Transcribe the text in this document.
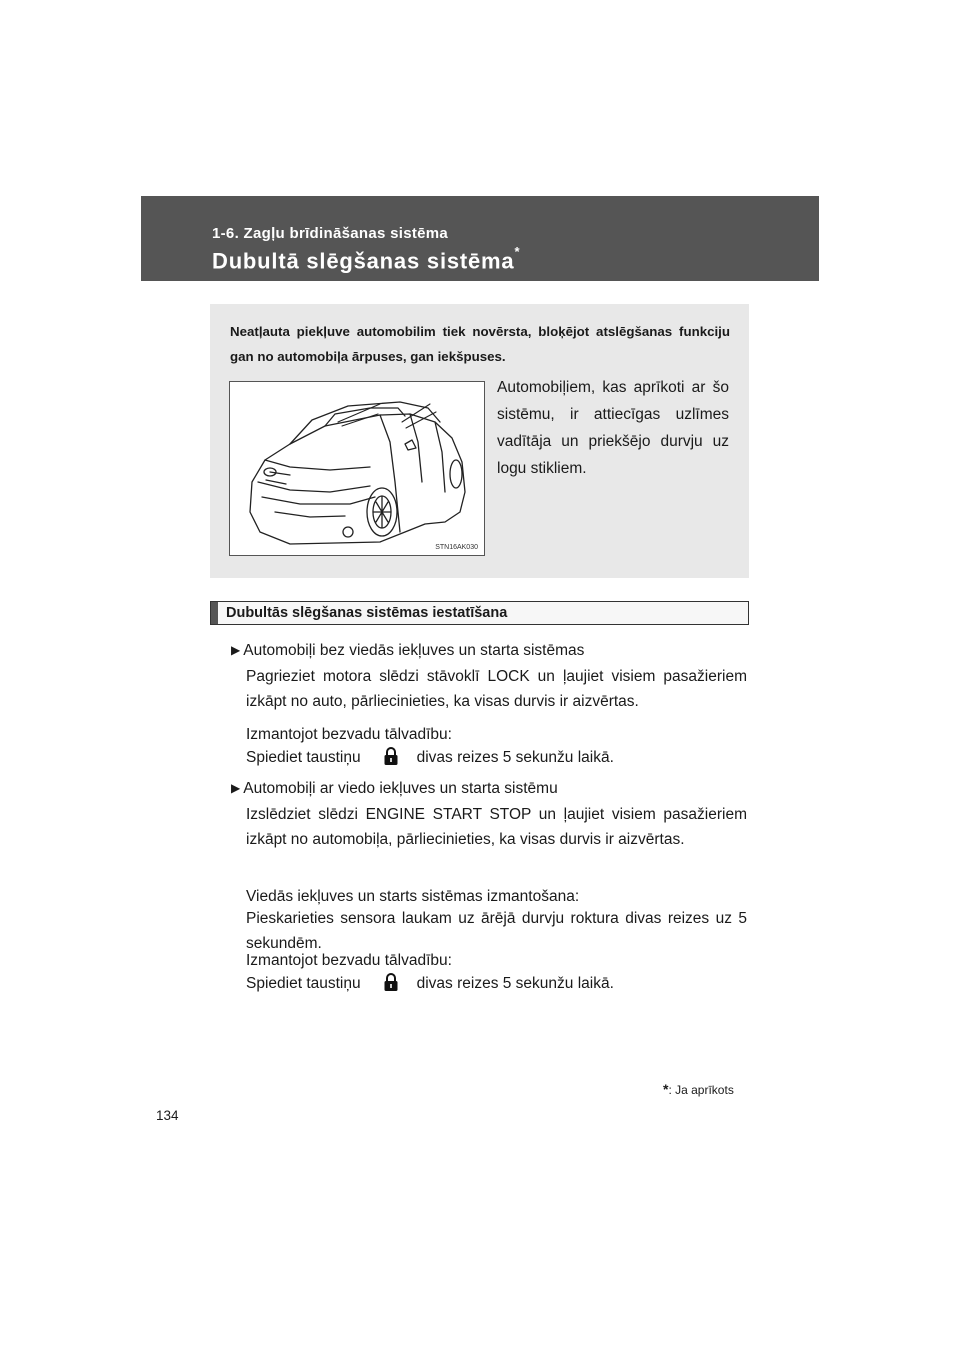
1-6. Zagļu brīdināšanas sistēma
Dubultā slēgšanas sistēma*
Neatļauta piekļuve automobilim tiek novērsta, bloķējot atslēgšanas funkciju gan no automobiļa ārpuses, gan iekšpuses.
STN16AK030
Automobiļiem, kas aprīkoti ar šo sistēmu, ir attiecīgas uzlīmes vadītāja un priekšējo durvju uz logu stikliem.
Dubultās slēgšanas sistēmas iestatīšana
▶ Automobiļi bez viedās iekļuves un starta sistēmas
Pagrieziet motora slēdzi stāvoklī LOCK un ļaujiet visiem pasažieriem izkāpt no auto, pārliecinieties, ka visas durvis ir aizvērtas.
Izmantojot bezvadu tālvadību:
Spiediet taustiņu	divas reizes 5 sekunžu laikā.
▶ Automobiļi ar viedo iekļuves un starta sistēmu
Izslēdziet slēdzi ENGINE START STOP un ļaujiet visiem pasažieriem izkāpt no automobiļa, pārliecinieties, ka visas durvis ir aizvērtas.
Viedās iekļuves un starts sistēmas izmantošana:
Pieskarieties sensora laukam uz ārējā durvju roktura divas reizes uz 5 sekundēm.
Izmantojot bezvadu tālvadību:
Spiediet taustiņu	divas reizes 5 sekunžu laikā.
*: Ja aprīkots
134
